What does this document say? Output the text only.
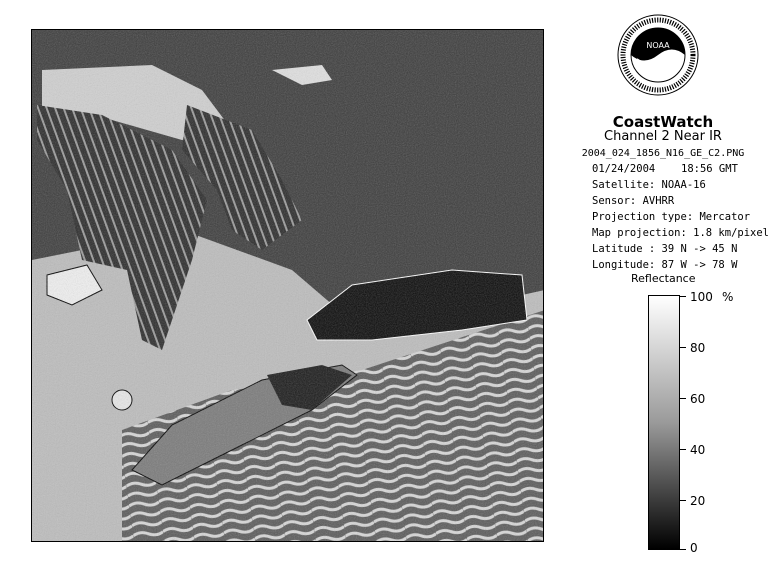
NOAA
CoastWatch
Channel 2 Near IR
2004_024_1856_N16_GE_C2.PNG
01/24/2004 18:56 GMT
Satellite: NOAA-16
Sensor: AVHRR
Projection type: Mercator
Map projection: 1.8 km/pixel
Latitude : 39 N -> 45 N
Longitude: 87 W -> 78 W
Reflectance
%
100
80
60
40
20
0
